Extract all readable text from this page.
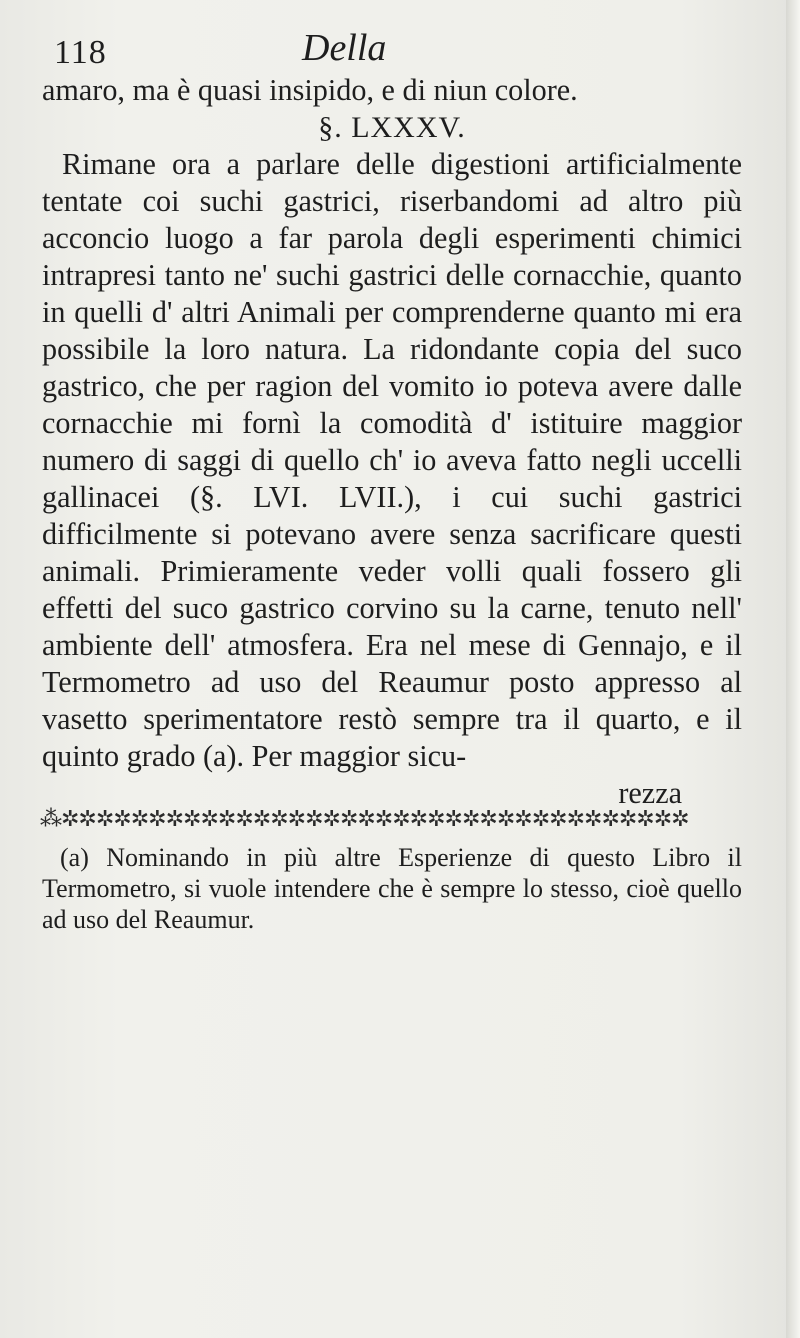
118	Della

amaro, ma è quasi insipido, e di niun colore.

§. LXXXV.

Rimane ora a parlare delle digestioni artificialmente tentate coi suchi gastrici, riserbandomi ad altro più acconcio luogo a far parola degli esperimenti chimici intrapresi tanto ne' suchi gastrici delle cornacchie, quanto in quelli d' altri Animali per comprenderne quanto mi era possibile la loro natura. La ridondante copia del suco gastrico, che per ragion del vomito io poteva avere dalle cornacchie mi fornì la comodità d' istituire maggior numero di saggi di quello ch' io aveva fatto negli uccelli gallinacei (§. LVI. LVII.), i cui suchi gastrici difficilmente si potevano avere senza sacrificare questi animali. Primieramente veder volli quali fossero gli effetti del suco gastrico corvino su la carne, tenuto nell' ambiente dell' atmosfera. Era nel mese di Gennajo, e il Termometro ad uso del Reaumur posto appresso al vasetto sperimentatore restò sempre tra il quarto, e il quinto grado (a). Per maggior sicu-

rezza

⁂✲✲✲✲✲✲✲✲✲✲✲✲✲✲✲✲✲✲✲✲✲✲✲✲✲✲✲✲✲✲✲✲✲✲✲✲

(a) Nominando in più altre Esperienze di questo Libro il Termometro, si vuole intendere che è sempre lo stesso, cioè quello ad uso del Reaumur.
